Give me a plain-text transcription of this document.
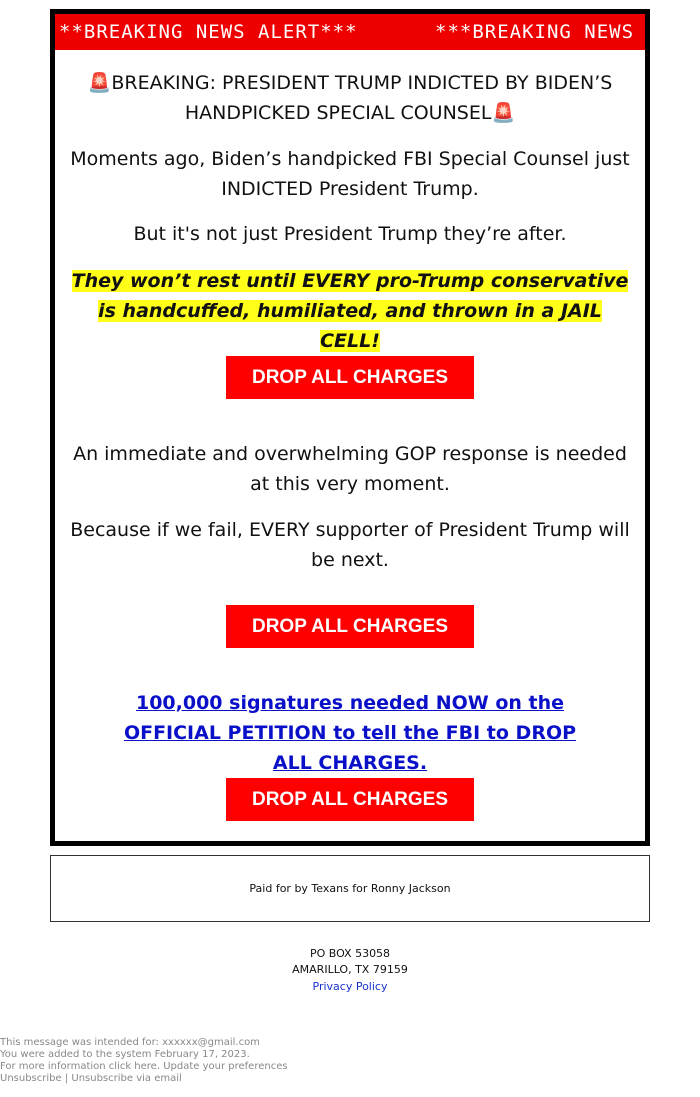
**BREAKING NEWS ALERT***	***BREAKING NEWS
🚨BREAKING: PRESIDENT TRUMP INDICTED BY BIDEN’S
HANDPICKED SPECIAL COUNSEL🚨
Moments ago, Biden’s handpicked FBI Special Counsel just INDICTED President Trump.
But it's not just President Trump they’re after.
They won’t rest until EVERY pro-Trump conservative is handcuffed, humiliated, and thrown in a JAIL CELL!
DROP ALL CHARGES
An immediate and overwhelming GOP response is needed at this very moment.
Because if we fail, EVERY supporter of President Trump will be next.
DROP ALL CHARGES
100,000 signatures needed NOW on the OFFICIAL PETITION to tell the FBI to DROP ALL CHARGES.
DROP ALL CHARGES
Paid for by Texans for Ronny Jackson
PO BOX 53058
AMARILLO, TX 79159
Privacy Policy
This message was intended for: xxxxxx@gmail.com
You were added to the system February 17, 2023.
For more information click here. Update your preferences
Unsubscribe | Unsubscribe via email
